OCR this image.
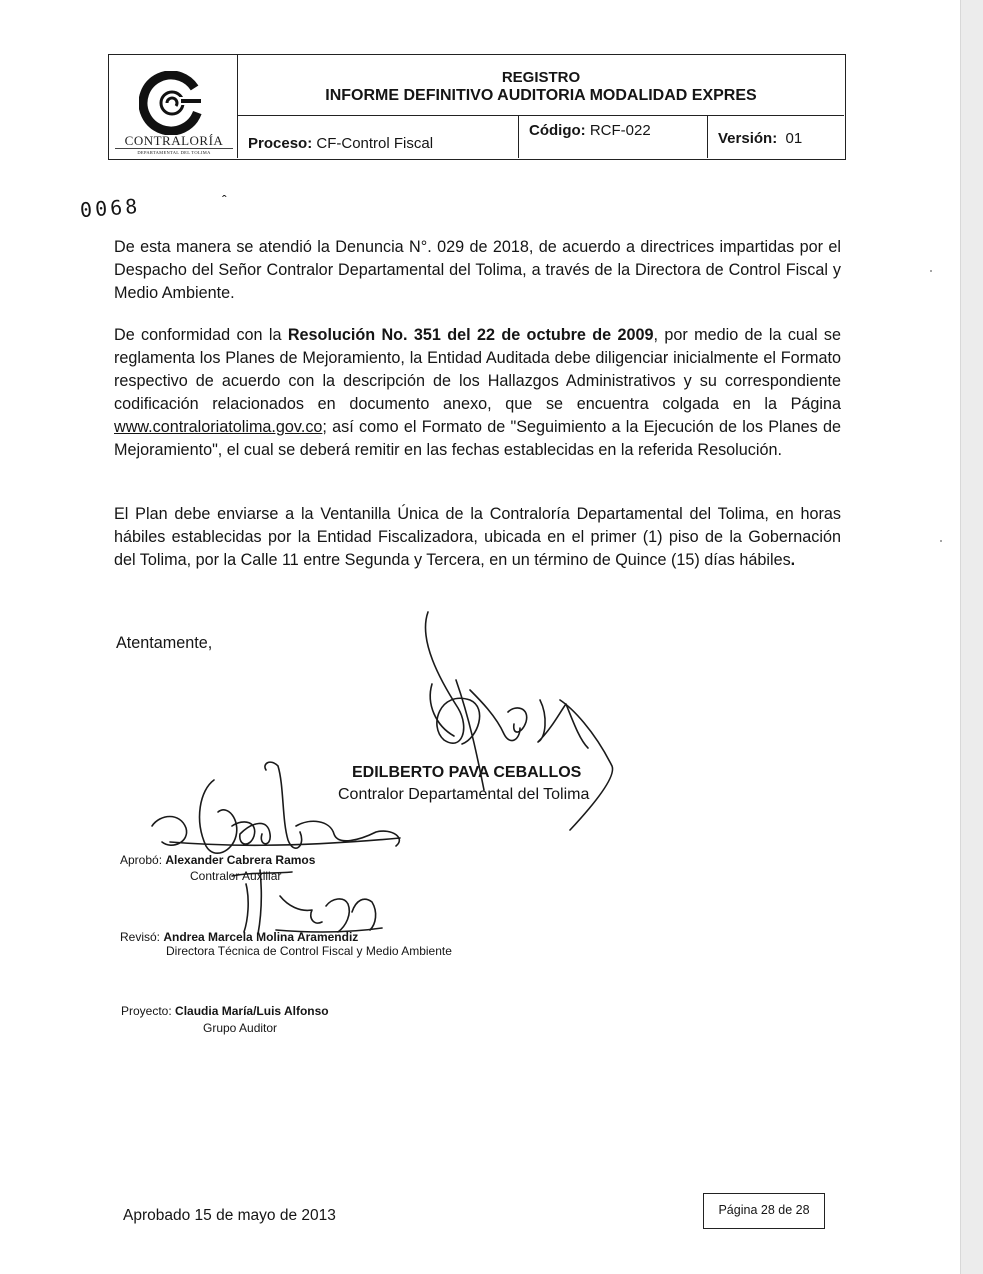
CONTRALORÍA
DEPARTAMENTAL DEL TOLIMA
REGISTRO
INFORME DEFINITIVO AUDITORIA MODALIDAD EXPRES
Proceso: CF-Control Fiscal
Código: RCF-022	Versión: 01
0068	ˆ
De esta manera se atendió la Denuncia N°. 029 de 2018, de acuerdo a directrices impartidas por el Despacho del Señor Contralor Departamental del Tolima, a través de la Directora de Control Fiscal y Medio Ambiente.
De conformidad con la Resolución No. 351 del 22 de octubre de 2009, por medio de la cual se reglamenta los Planes de Mejoramiento, la Entidad Auditada debe diligenciar inicialmente el Formato respectivo de acuerdo con la descripción de los Hallazgos Administrativos y su correspondiente codificación relacionados en documento anexo, que se encuentra colgada en la Página www.contraloriatolima.gov.co; así como el Formato de "Seguimiento a la Ejecución de los Planes de Mejoramiento", el cual se deberá remitir en las fechas establecidas en la referida Resolución.
El Plan debe enviarse a la Ventanilla Única de la Contraloría Departamental del Tolima, en horas hábiles establecidas por la Entidad Fiscalizadora, ubicada en el primer (1) piso de la Gobernación del Tolima, por la Calle 11 entre Segunda y Tercera, en un término de Quince (15) días hábiles.
Atentamente,
EDILBERTO PAVA CEBALLOS
Contralor Departamental del Tolima
Aprobó: Alexander Cabrera Ramos
Contralor Auxiliar
Revisó: Andrea Marcela Molina Aramendiz
Directora Técnica de Control Fiscal y Medio Ambiente
Proyecto: Claudia María/Luis Alfonso
Grupo Auditor
Aprobado 15 de mayo de 2013	Página 28 de 28
